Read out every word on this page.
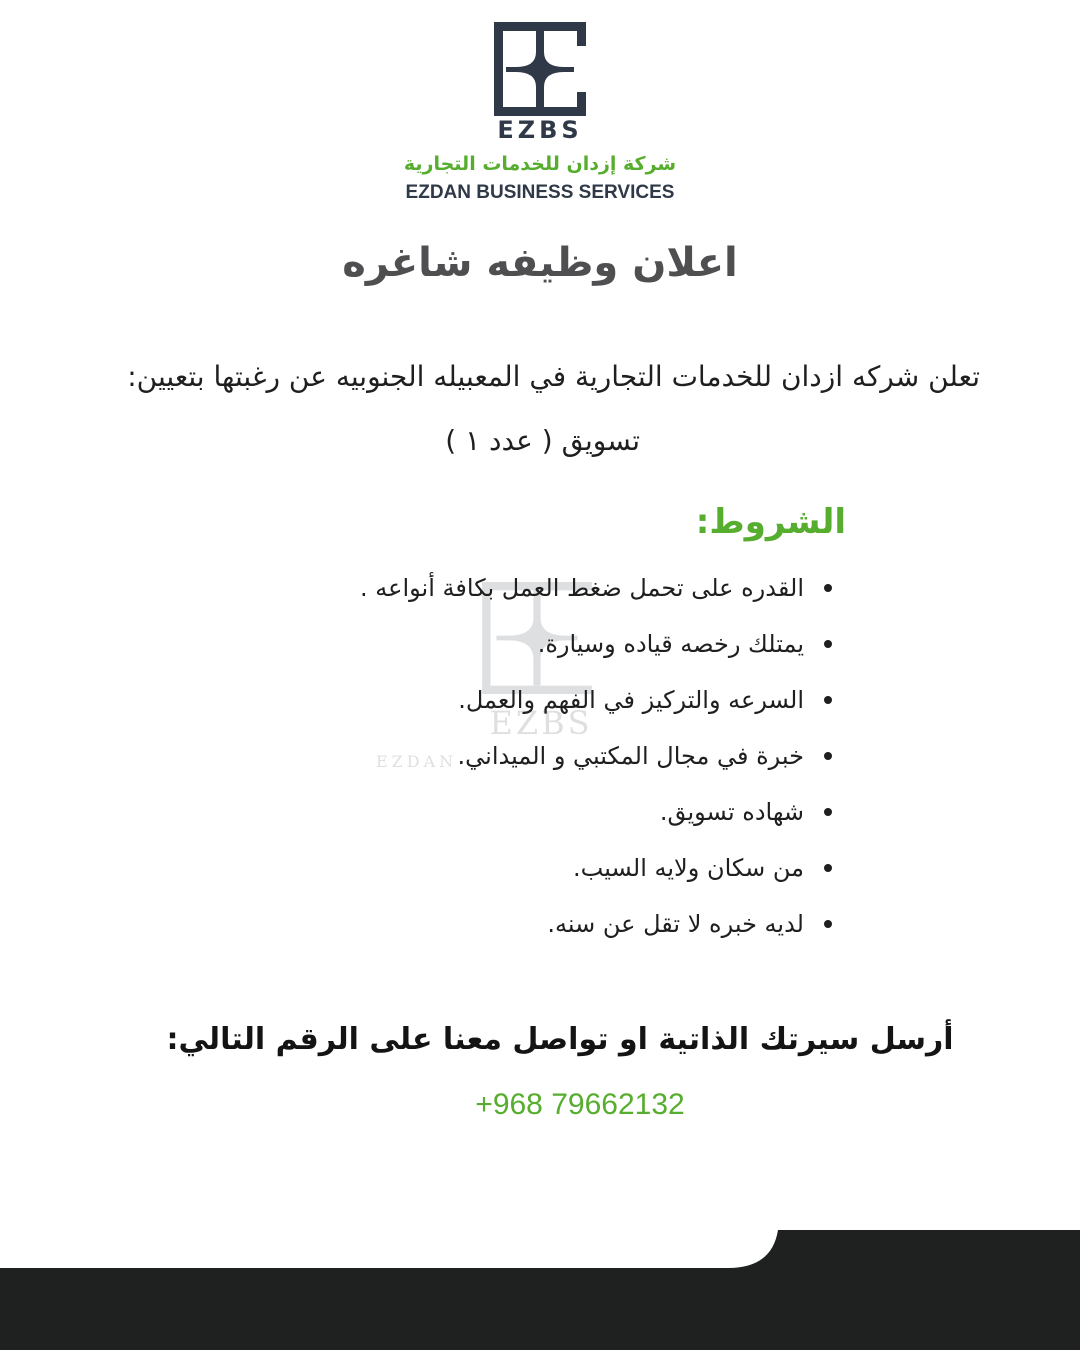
EZBS
شركة إزدان للخدمات التجارية
EZDAN BUSINESS SERVICES
اعلان وظيفه شاغره
تعلن شركه ازدان للخدمات التجارية في المعبيله الجنوبيه عن رغبتها بتعيين:
تسويق ( عدد ١ )
EZBS
EZDAN
الشروط:
القدره على تحمل ضغط العمل بكافة أنواعه .
يمتلك رخصه قياده وسيارة.
السرعه والتركيز في الفهم والعمل.
خبرة في مجال المكتبي و الميداني.
شهاده تسويق.
من سكان ولايه السيب.
لديه خبره لا تقل عن سنه.
أرسل سيرتك الذاتية او تواصل معنا على الرقم التالي:
+968 79662132
